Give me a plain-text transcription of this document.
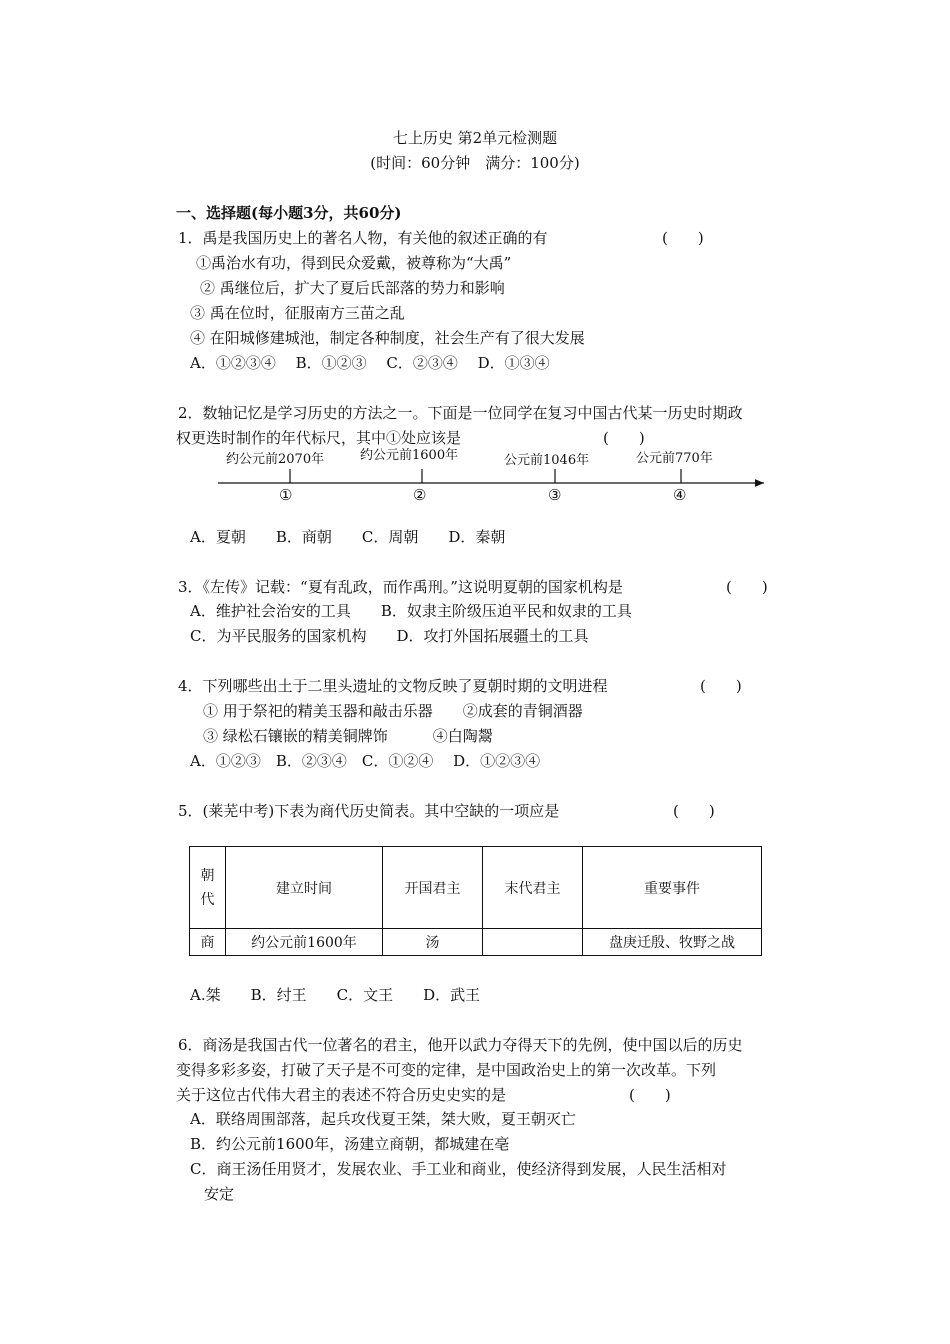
七上历史 第2单元检测题
(时间：60分钟　满分：100分)
一、选择题(每小题3分，共60分)
1．禹是我国历史上的著名人物，有关他的叙述正确的有	(　　)
①禹治水有功，得到民众爱戴，被尊称为“大禹”
② 禹继位后，扩大了夏后氏部落的势力和影响
③ 禹在位时，征服南方三苗之乱
④ 在阳城修建城池，制定各种制度，社会生产有了很大发展
A．①②③④　 B．①②③　 C．②③④　 D．①③④
2．数轴记忆是学习历史的方法之一。下面是一位同学在复习中国古代某一历史时期政
权更迭时制作的年代标尺，其中①处应该是	(　　)
约公元前2070年	约公元前1600年	公元前1046年	公元前770年
①	②	③	④
A．夏朝　　B．商朝　　C．周朝　　D．秦朝
3．《左传》记载：“夏有乱政，而作禹刑。”这说明夏朝的国家机构是	(　　)
A．维护社会治安的工具　　B．奴隶主阶级压迫平民和奴隶的工具
C．为平民服务的国家机构　　D．攻打外国拓展疆土的工具
4．下列哪些出土于二里头遗址的文物反映了夏朝时期的文明进程	(　　)
① 用于祭祀的精美玉器和敲击乐器　　②成套的青铜酒器
③ 绿松石镶嵌的精美铜牌饰　　　④白陶鬶
A．①②③　B．②③④　C．①②④　 D．①②③④
5．(莱芜中考)下表为商代历史简表。其中空缺的一项应是	(　　)
朝
代	建立时间	开国君主	末代君主	重要事件
商	约公元前1600年	汤		盘庚迁殷、牧野之战
A.桀　　B．纣王　　C．文王　　D．武王
6．商汤是我国古代一位著名的君主，他开以武力夺得天下的先例，使中国以后的历史
变得多彩多姿，打破了天子是不可变的定律，是中国政治史上的第一次改革。下列
关于这位古代伟大君主的表述不符合历史史实的是	(　　)
A．联络周围部落，起兵攻伐夏王桀，桀大败，夏王朝灭亡
B．约公元前1600年，汤建立商朝，都城建在亳
C．商王汤任用贤才，发展农业、手工业和商业，使经济得到发展，人民生活相对
安定
